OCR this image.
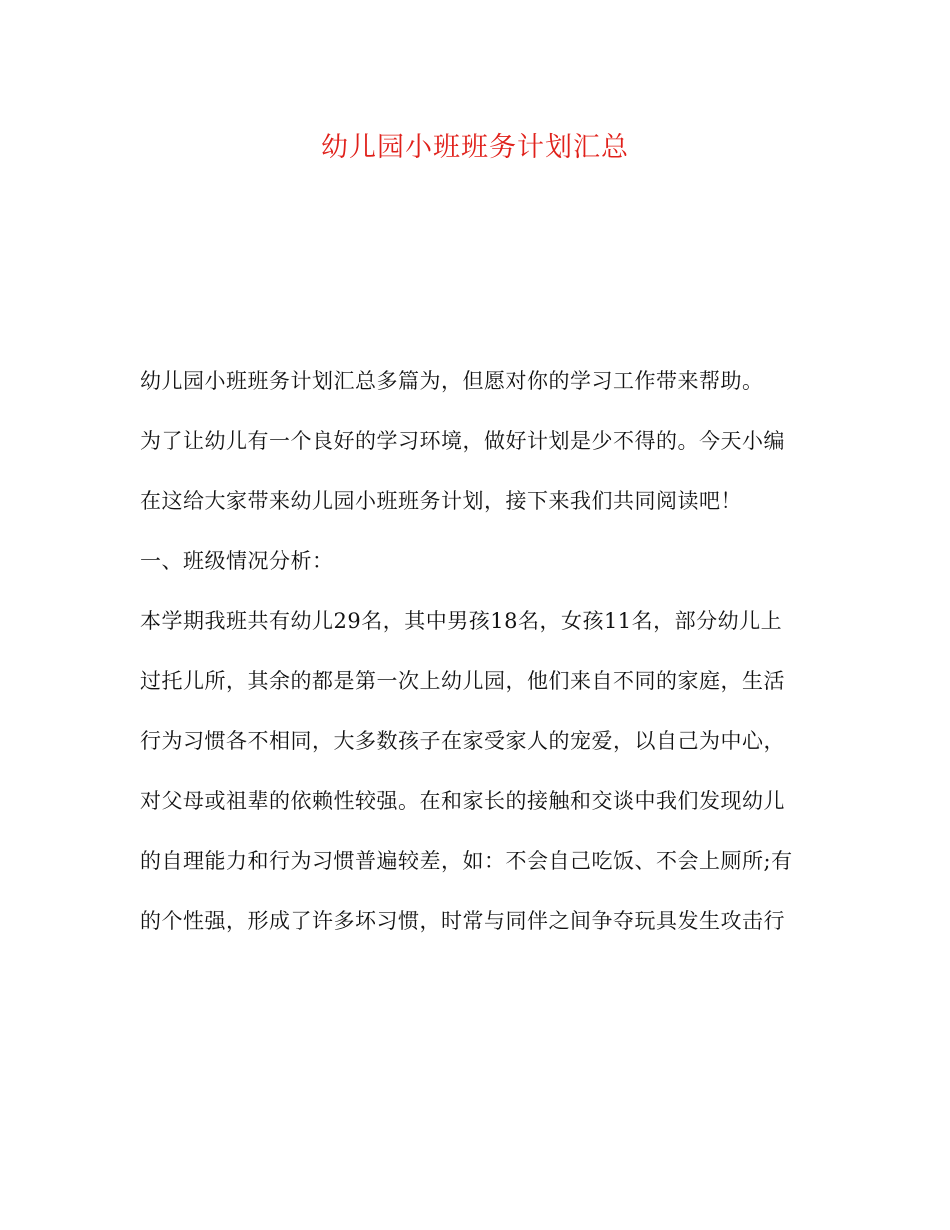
幼儿园小班班务计划汇总
幼儿园小班班务计划汇总多篇为，但愿对你的学习工作带来帮助。
为了让幼儿有一个良好的学习环境，做好计划是少不得的。今天小编
在这给大家带来幼儿园小班班务计划，接下来我们共同阅读吧！
一、班级情况分析：
本学期我班共有幼儿29名，其中男孩18名，女孩11名，部分幼儿上
过托儿所，其余的都是第一次上幼儿园，他们来自不同的家庭，生活
行为习惯各不相同，大多数孩子在家受家人的宠爱，以自己为中心，
对父母或祖辈的依赖性较强。在和家长的接触和交谈中我们发现幼儿
的自理能力和行为习惯普遍较差，如：不会自己吃饭、不会上厕所;有
的个性强，形成了许多坏习惯，时常与同伴之间争夺玩具发生攻击行
